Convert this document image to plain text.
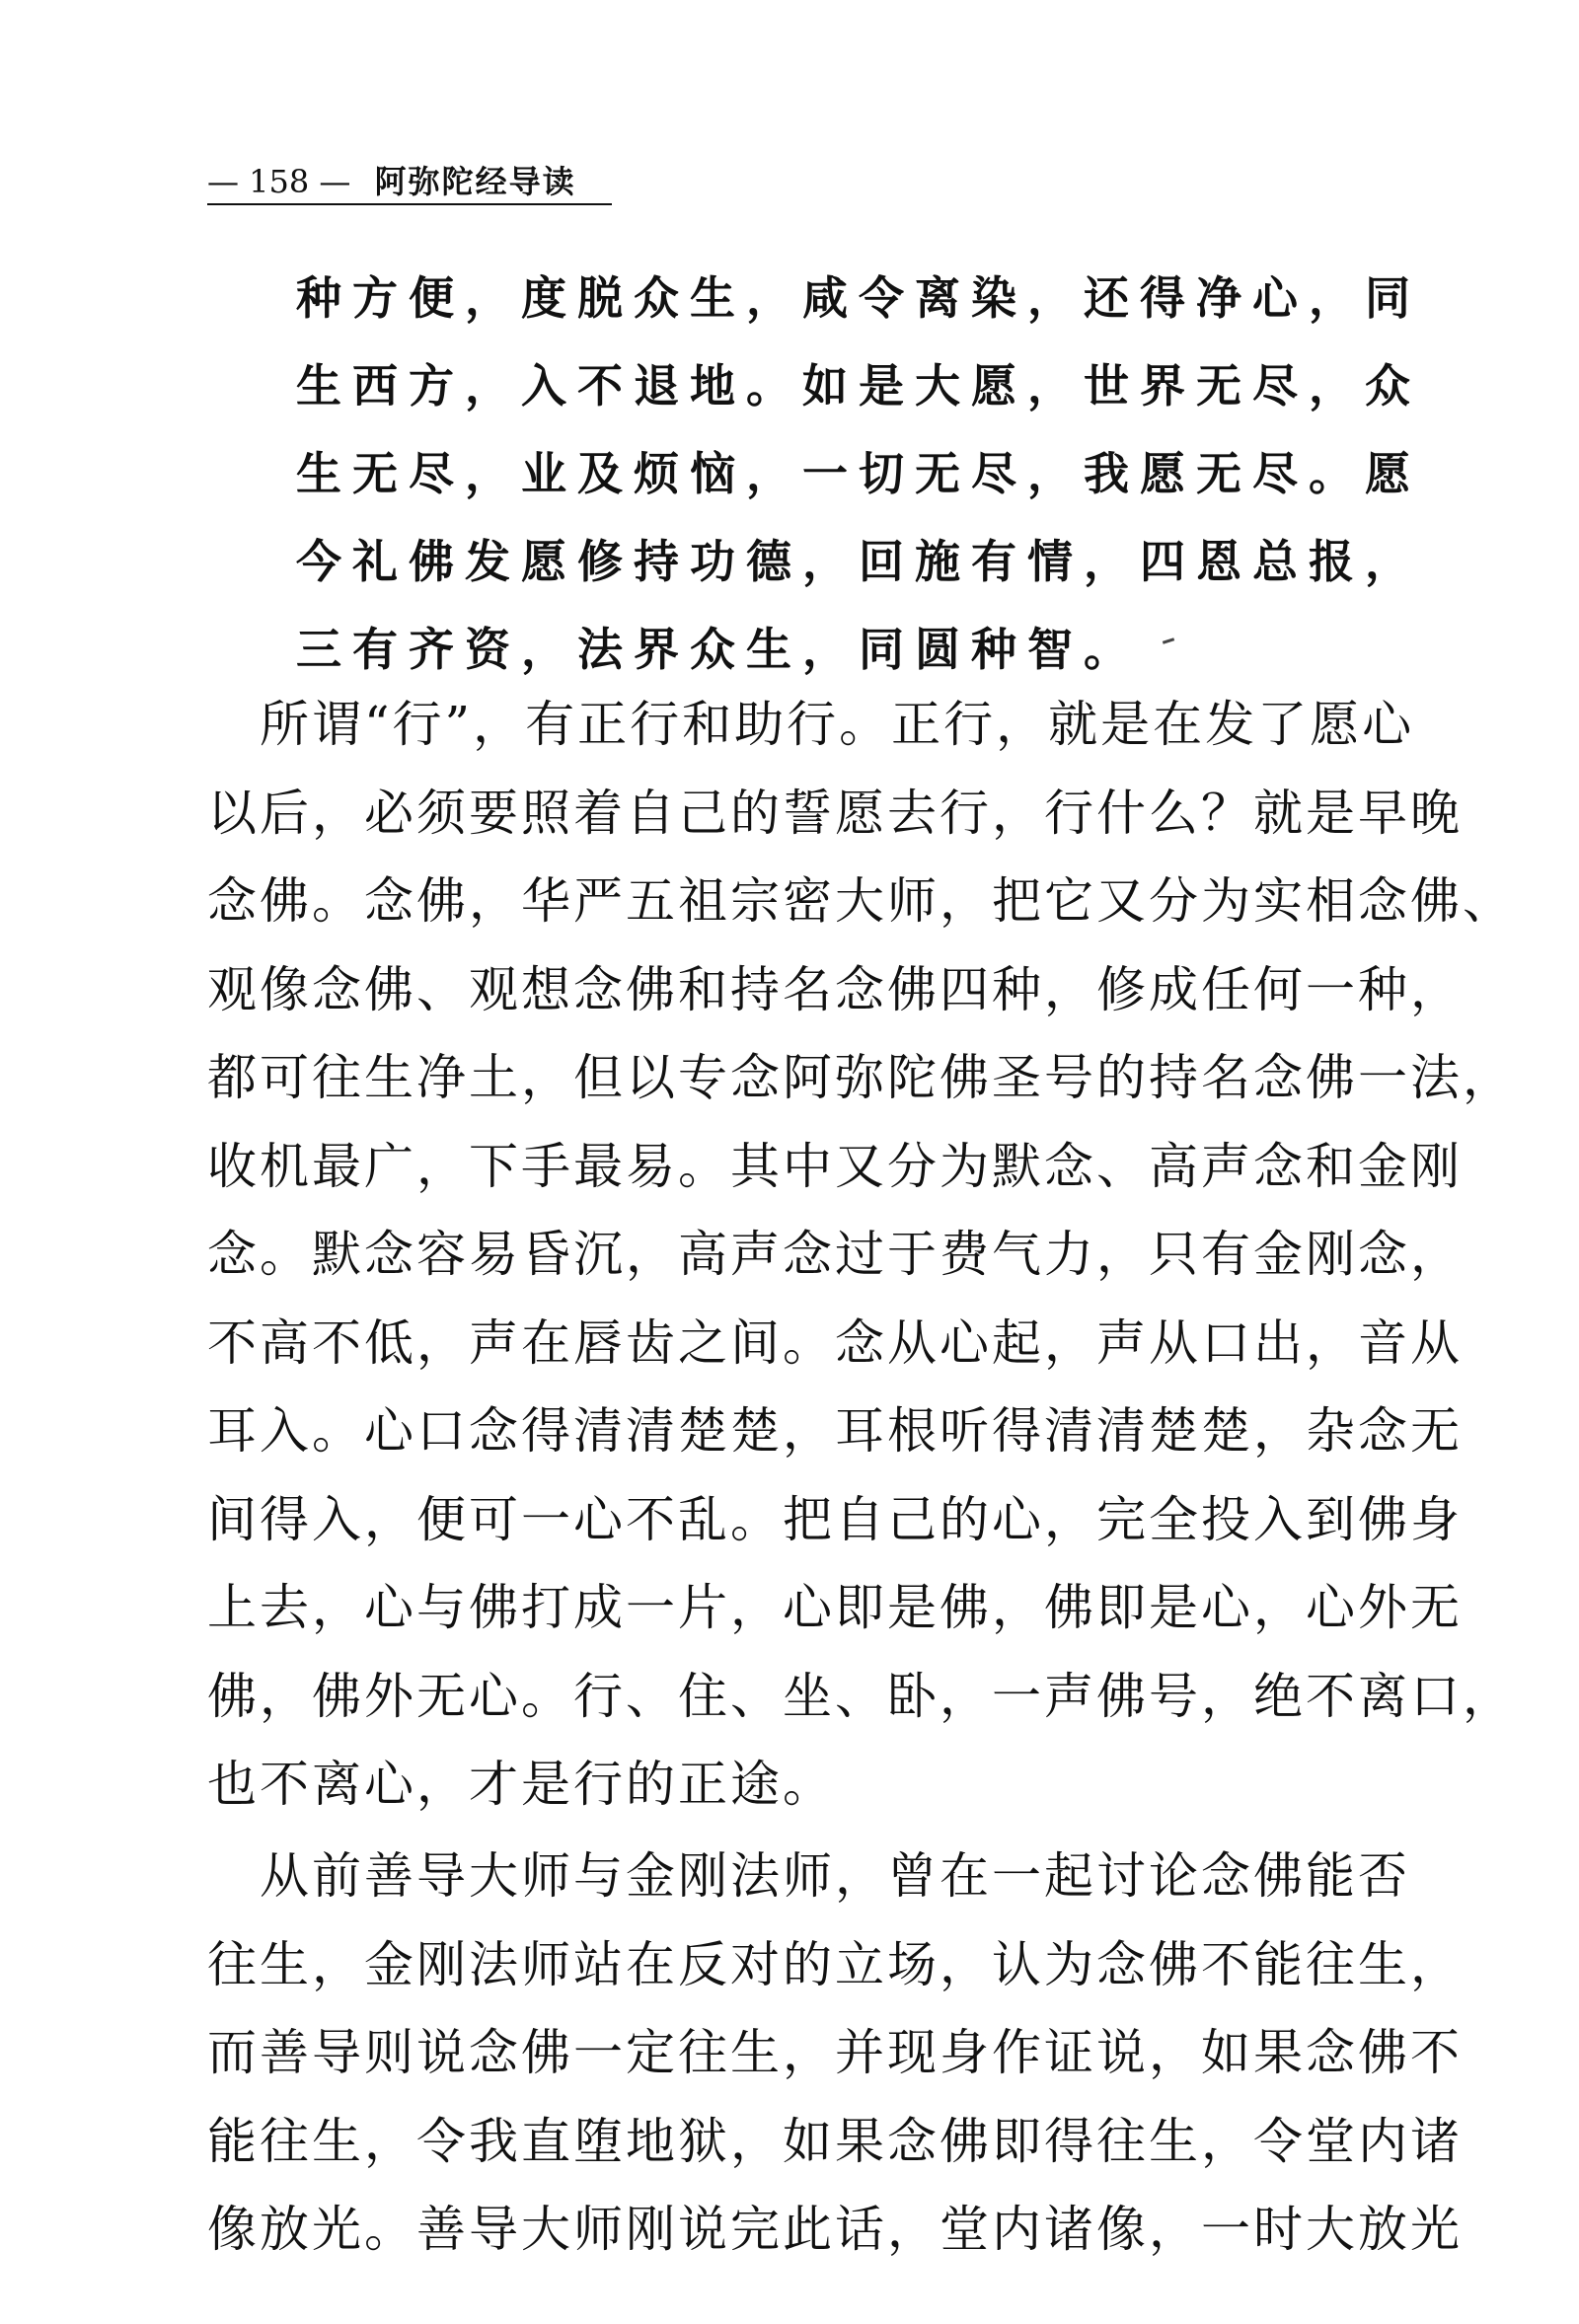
— 158 — 阿弥陀经导读
种方便，度脱众生，咸令离染，还得净心，同
生西方，入不退地。如是大愿，世界无尽，众
生无尽，业及烦恼，一切无尽，我愿无尽。愿
今礼佛发愿修持功德，回施有情，四恩总报，
三有齐资，法界众生，同圆种智。
　所谓“行”，有正行和助行。正行，就是在发了愿心
以后，必须要照着自己的誓愿去行，行什么？就是早晚
念佛。念佛，华严五祖宗密大师，把它又分为实相念佛、
观像念佛、观想念佛和持名念佛四种，修成任何一种，
都可往生净土，但以专念阿弥陀佛圣号的持名念佛一法，
收机最广，下手最易。其中又分为默念、高声念和金刚
念。默念容易昏沉，高声念过于费气力，只有金刚念，
不高不低，声在唇齿之间。念从心起，声从口出，音从
耳入。心口念得清清楚楚，耳根听得清清楚楚，杂念无
间得入，便可一心不乱。把自己的心，完全投入到佛身
上去，心与佛打成一片，心即是佛，佛即是心，心外无
佛，佛外无心。行、住、坐、卧，一声佛号，绝不离口，
也不离心，才是行的正途。
　从前善导大师与金刚法师，曾在一起讨论念佛能否
往生，金刚法师站在反对的立场，认为念佛不能往生，
而善导则说念佛一定往生，并现身作证说，如果念佛不
能往生，令我直堕地狱，如果念佛即得往生，令堂内诸
像放光。善导大师刚说完此话，堂内诸像，一时大放光
